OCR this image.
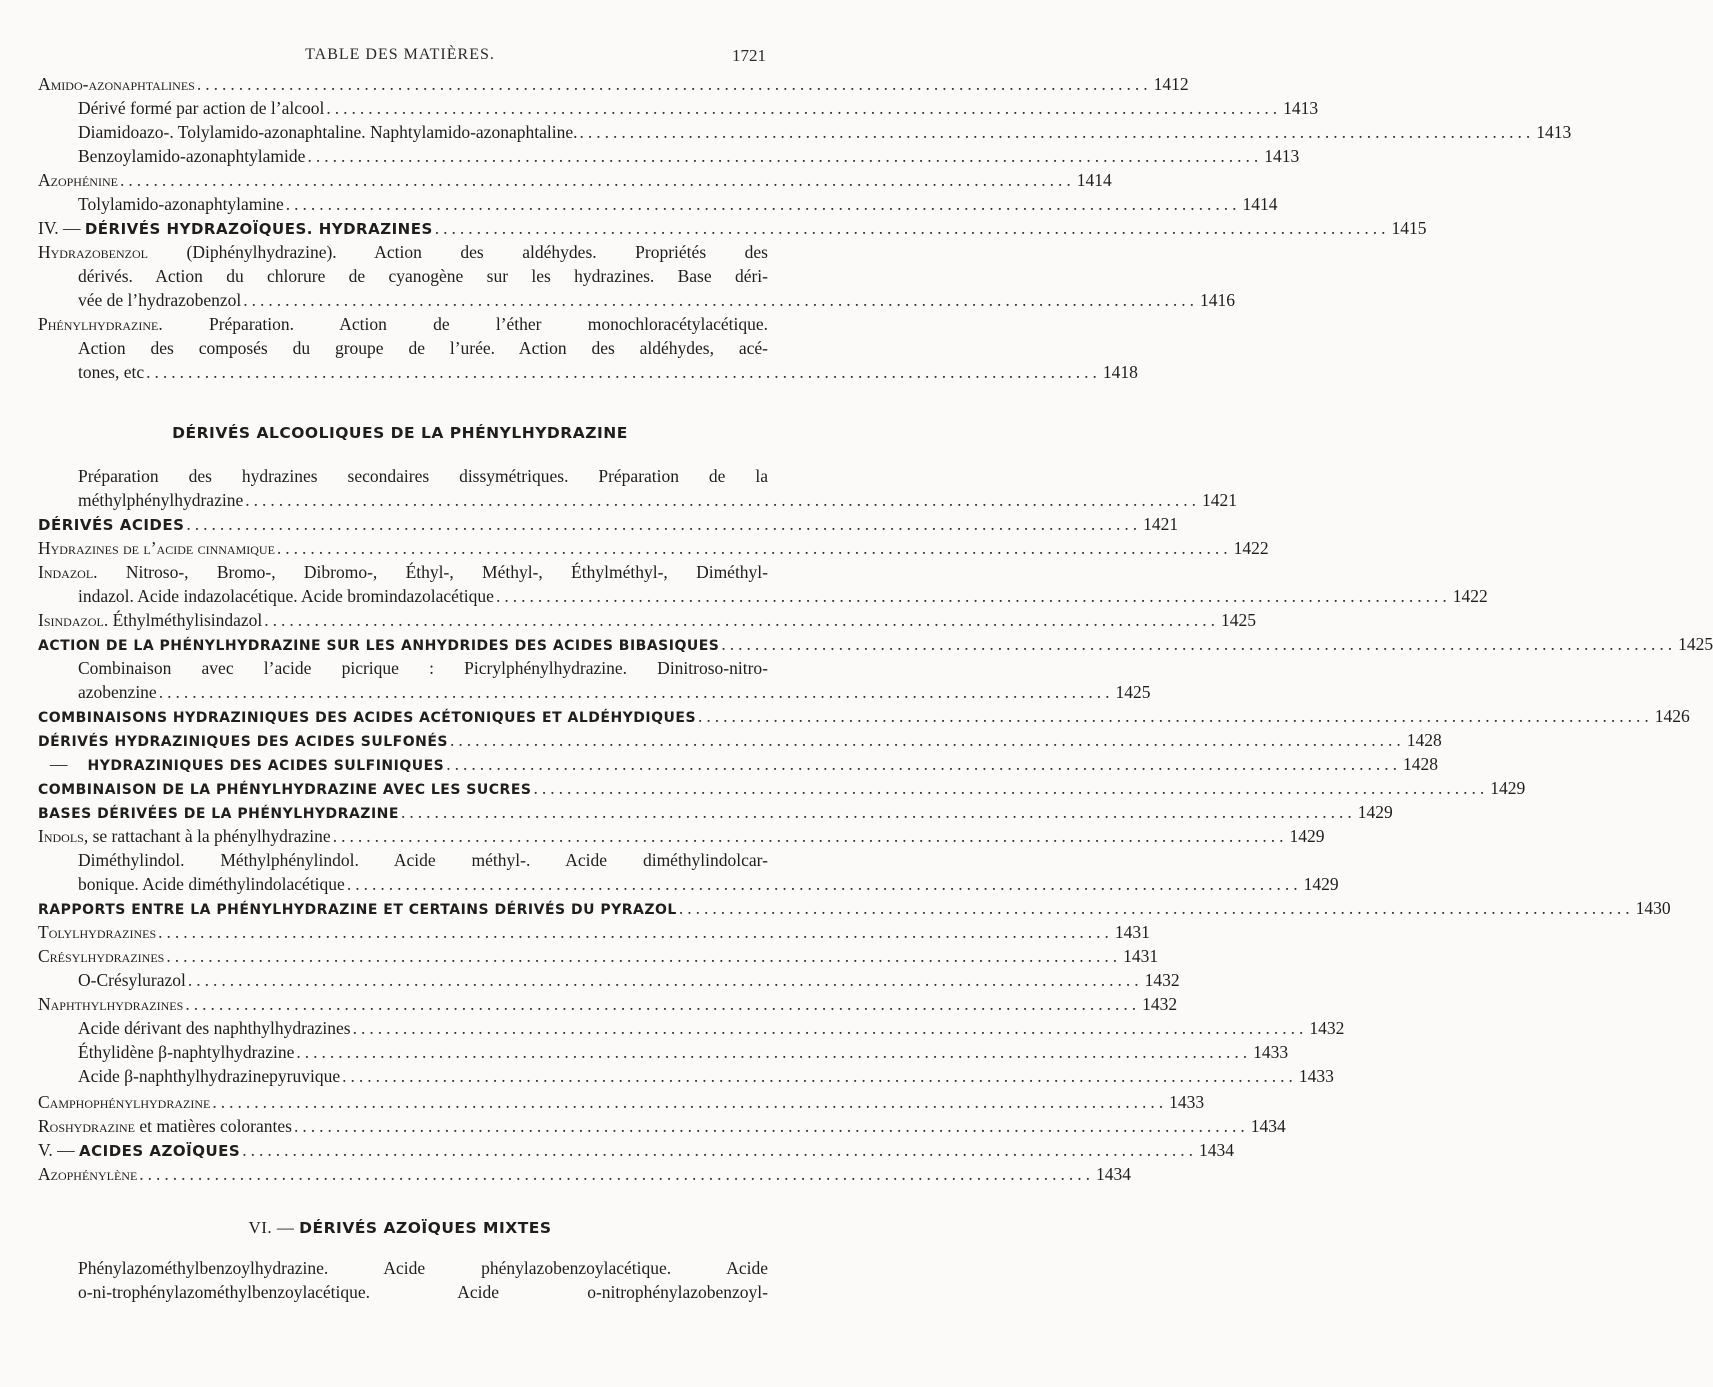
TABLE DES MATIÈRES.	1721
Amido-azonaphtalines .................................................................................................................. 1412
Dérivé formé par action de l’alcool .................................................................................................................. 1413
Diamidoazo-. Tolylamido-azonaphtaline. Naphtylamido-azonaphtaline. .................................................................................................................. 1413
Benzoylamido-azonaphtylamide .................................................................................................................. 1413
Azophénine .................................................................................................................. 1414
Tolylamido-azonaphtylamine .................................................................................................................. 1414
IV. — DÉRIVÉS HYDRAZOÏQUES. HYDRAZINES .................................................................................................................. 1415
Hydrazobenzol (Diphénylhydrazine). Action des aldéhydes. Propriétés des
dérivés. Action du chlorure de cyanogène sur les hydrazines. Base déri-
vée de l’hydrazobenzol .................................................................................................................. 1416
Phénylhydrazine. Préparation. Action de l’éther monochloracétylacétique.
Action des composés du groupe de l’urée. Action des aldéhydes, acé-
tones, etc .................................................................................................................. 1418
DÉRIVÉS ALCOOLIQUES DE LA PHÉNYLHYDRAZINE
Préparation des hydrazines secondaires dissymétriques. Préparation de la
méthylphénylhydrazine .................................................................................................................. 1421
DÉRIVÉS ACIDES .................................................................................................................. 1421
Hydrazines de l’acide cinnamique .................................................................................................................. 1422
Indazol. Nitroso-, Bromo-, Dibromo-, Éthyl-, Méthyl-, Éthylméthyl-, Diméthyl-
indazol. Acide indazolacétique. Acide bromindazolacétique .................................................................................................................. 1422
Isindazol. Éthylméthylisindazol .................................................................................................................. 1425
ACTION DE LA PHÉNYLHYDRAZINE SUR LES ANHYDRIDES DES ACIDES BIBASIQUES .................................................................................................................. 1425
Combinaison avec l’acide picrique : Picrylphénylhydrazine. Dinitroso-nitro-
azobenzine .................................................................................................................. 1425
COMBINAISONS HYDRAZINIQUES DES ACIDES ACÉTONIQUES ET ALDÉHYDIQUES .................................................................................................................. 1426
DÉRIVÉS HYDRAZINIQUES DES ACIDES SULFONÉS .................................................................................................................. 1428
— HYDRAZINIQUES DES ACIDES SULFINIQUES .................................................................................................................. 1428
COMBINAISON DE LA PHÉNYLHYDRAZINE AVEC LES SUCRES .................................................................................................................. 1429
BASES DÉRIVÉES DE LA PHÉNYLHYDRAZINE .................................................................................................................. 1429
Indols, se rattachant à la phénylhydrazine .................................................................................................................. 1429
Diméthylindol. Méthylphénylindol. Acide méthyl-. Acide diméthylindolcar-
bonique. Acide diméthylindolacétique .................................................................................................................. 1429
RAPPORTS ENTRE LA PHÉNYLHYDRAZINE ET CERTAINS DÉRIVÉS DU PYRAZOL .................................................................................................................. 1430
Tolylhydrazines .................................................................................................................. 1431
Crésylhydrazines .................................................................................................................. 1431
O-Crésylurazol .................................................................................................................. 1432
Naphthylhydrazines .................................................................................................................. 1432
Acide dérivant des naphthylhydrazines .................................................................................................................. 1432
Éthylidène β-naphtylhydrazine .................................................................................................................. 1433
Acide β-naphthylhydrazinepyruvique .................................................................................................................. 1433
Camphophénylhydrazine .................................................................................................................. 1433
Roshydrazine et matières colorantes .................................................................................................................. 1434
V. — ACIDES AZOÏQUES .................................................................................................................. 1434
Azophénylène .................................................................................................................. 1434
VI. — DÉRIVÉS AZOÏQUES MIXTES
Phénylazométhylbenzoylhydrazine. Acide phénylazobenzoylacétique. Acide
o-ni-trophénylazométhylbenzoylacétique. Acide o-nitrophénylazobenzoyl-
